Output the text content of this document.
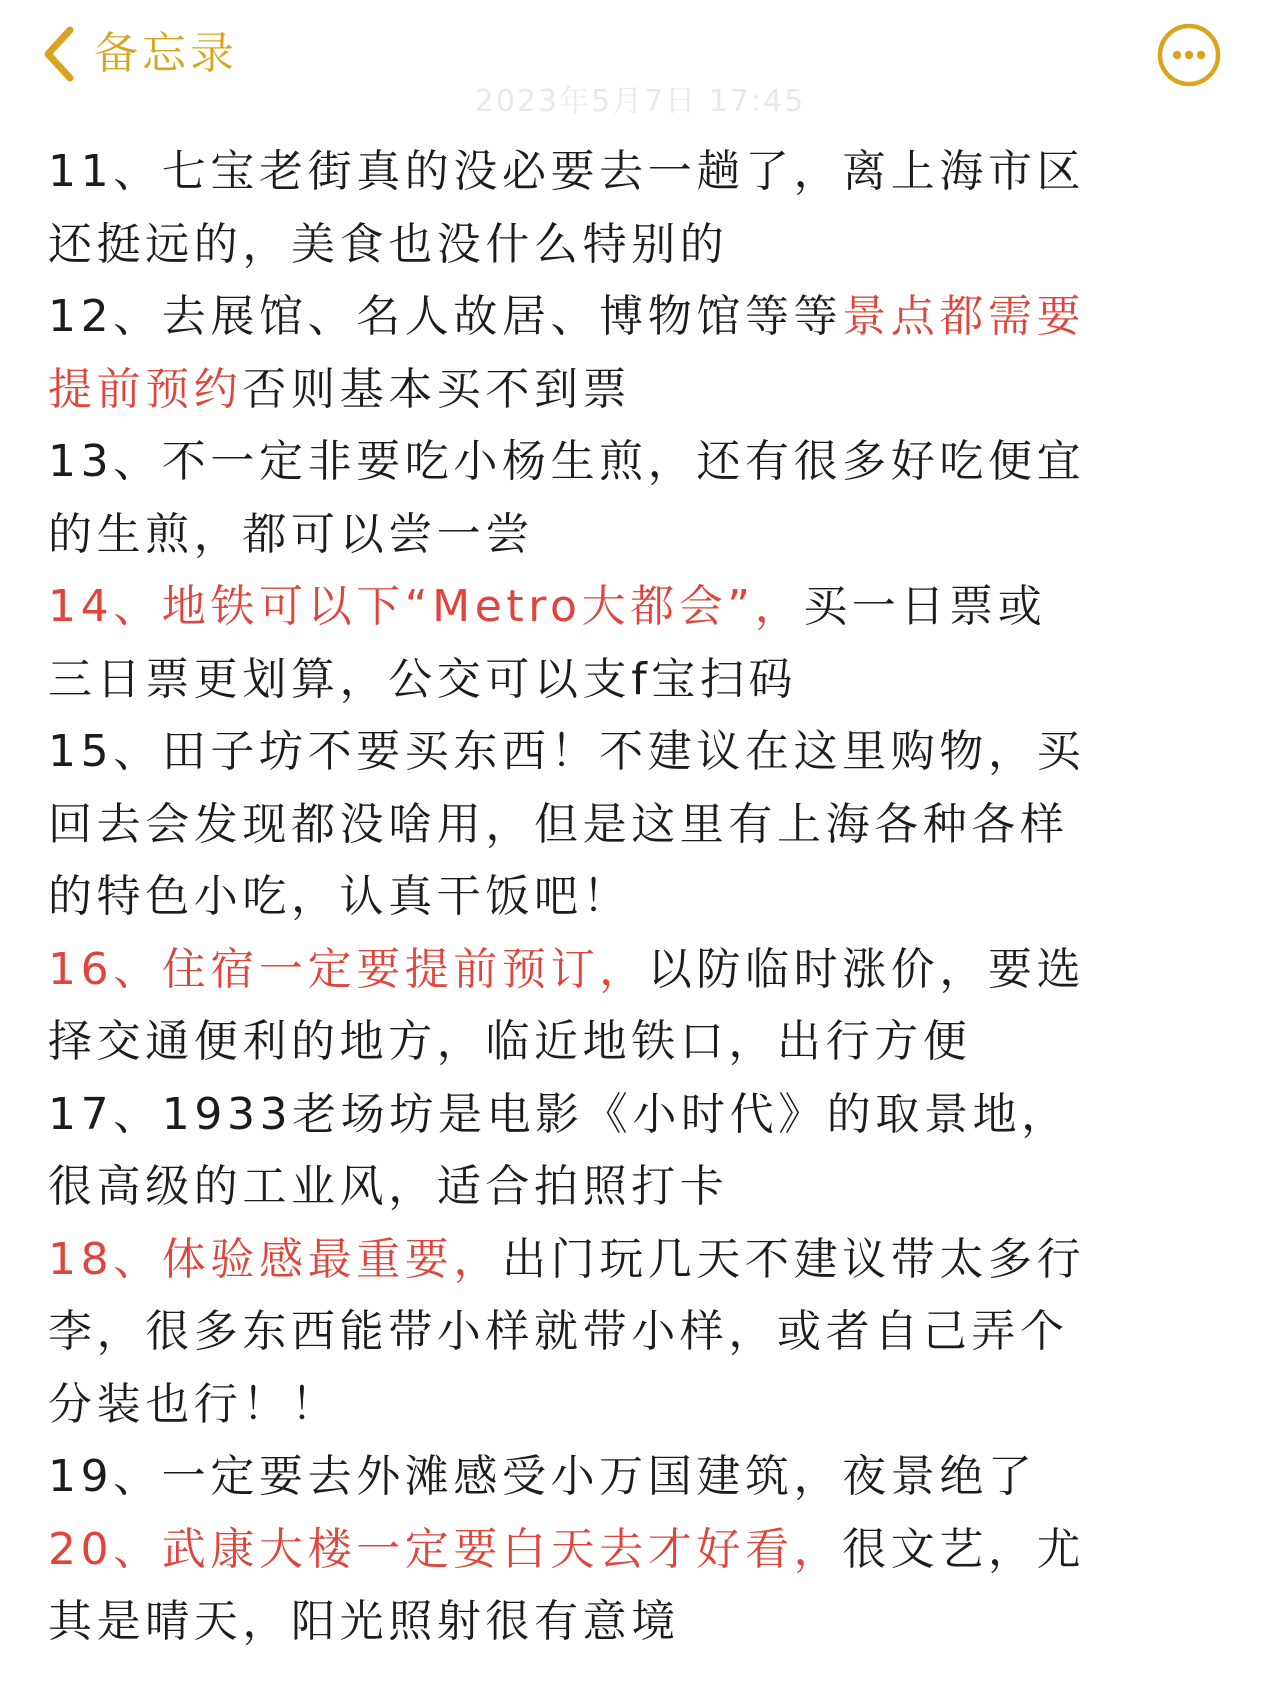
备忘录
2023年5月7日 17:45
11、七宝老街真的没必要去一趟了，离上海市区
还挺远的，美食也没什么特别的
12、去展馆、名人故居、博物馆等等景点都需要
提前预约否则基本买不到票
13、不一定非要吃小杨生煎，还有很多好吃便宜
的生煎，都可以尝一尝
14、地铁可以下“Metro大都会”，买一日票或
三日票更划算，公交可以支f宝扫码
15、田子坊不要买东西！不建议在这里购物，买
回去会发现都没啥用，但是这里有上海各种各样
的特色小吃，认真干饭吧！
16、住宿一定要提前预订，以防临时涨价，要选
择交通便利的地方，临近地铁口，出行方便
17、1933老场坊是电影《小时代》的取景地，
很高级的工业风，适合拍照打卡
18、体验感最重要，出门玩几天不建议带太多行
李，很多东西能带小样就带小样，或者自己弄个
分装也行！！
19、一定要去外滩感受小万国建筑，夜景绝了
20、武康大楼一定要白天去才好看，很文艺，尤
其是晴天，阳光照射很有意境
